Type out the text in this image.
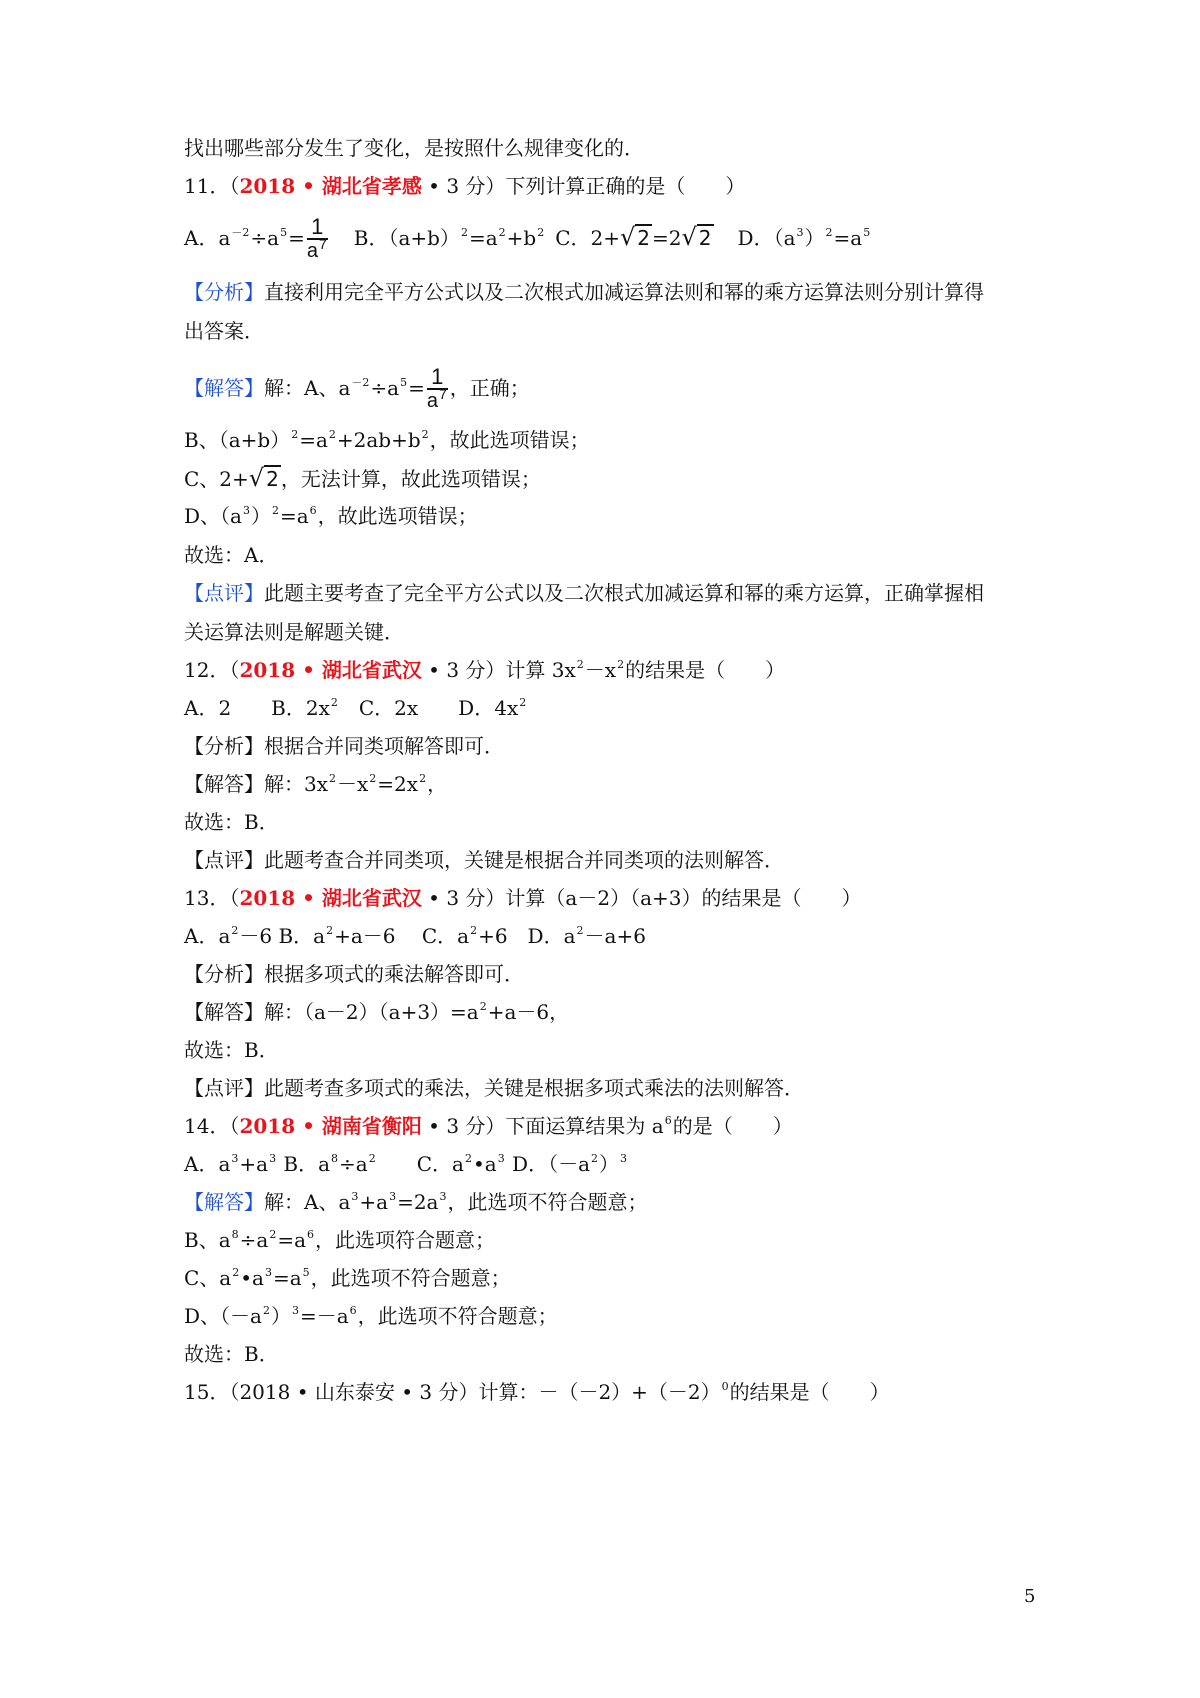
找出哪些部分发生了变化，是按照什么规律变化的．
11．（2018 • 湖北省孝感 • 3 分）下列计算正确的是（　　）
A．$a^{-2}\div a^5= \frac{1}{a^7}$ B．$(a+b)^2=a^2+b^2$ C．2+√ 2 =2√ 2 D．$(a^3)^2=a^5$
【分析】直接利用完全平方公式以及二次根式加减运算法则和幂的乘方运算法则分别计算得
出答案．
【解答】解：A、$a^{-2}\div a^5= \frac{1}{a^7}$ ，正确；
B、$(a+b)^2=a^2+2ab+b^2$，故此选项错误；
C、2+√ 2 ，无法计算，故此选项错误；
D、$(a^3)^2=a^6$，故此选项错误；
故选：A．
【点评】此题主要考查了完全平方公式以及二次根式加减运算和幂的乘方运算，正确掌握相
关运算法则是解题关键．
12．（2018 • 湖北省武汉 • 3 分）计算 $3x^2-x^2$的结果是（　　）
A．2　　B．$2x^2$　C．2x　　D．$4x^2$
【分析】根据合并同类项解答即可．
【解答】解：$3x^2-x^2=2x^2$，
故选：B．
【点评】此题考查合并同类项，关键是根据合并同类项的法则解答．
13．（2018 • 湖北省武汉 • 3 分）计算（a－2）（a+3）的结果是（　　）
A．$a^2-6$ B．$a^2+a-6$　 C．$a^2+6$　D．$a^2-a+6$
【分析】根据多项式的乘法解答即可．
【解答】解：$(a-2)(a+3)=a^2+a-6$，
故选：B．
【点评】此题考查多项式的乘法，关键是根据多项式乘法的法则解答．
14．（2018 • 湖南省衡阳 • 3 分）下面运算结果为 $a^6$的是（　　）
A．$a^3+a^3$ B．$a^8\div a^2$　　C．$a^2•a^3$ D．$(-a^2)^3$
【解答】解：A、$a^3+a^3=2a^3$，此选项不符合题意；
B、$a^8\div a^2=a^6$，此选项符合题意；
C、$a^2•a^3=a^5$，此选项不符合题意；
D、$(-a^2)^3=-a^6$，此选项不符合题意；
故选：B．
15．（2018 • 山东泰安 • 3 分）计算：$-(-2)+(-2)^0$的结果是（　　）
5
